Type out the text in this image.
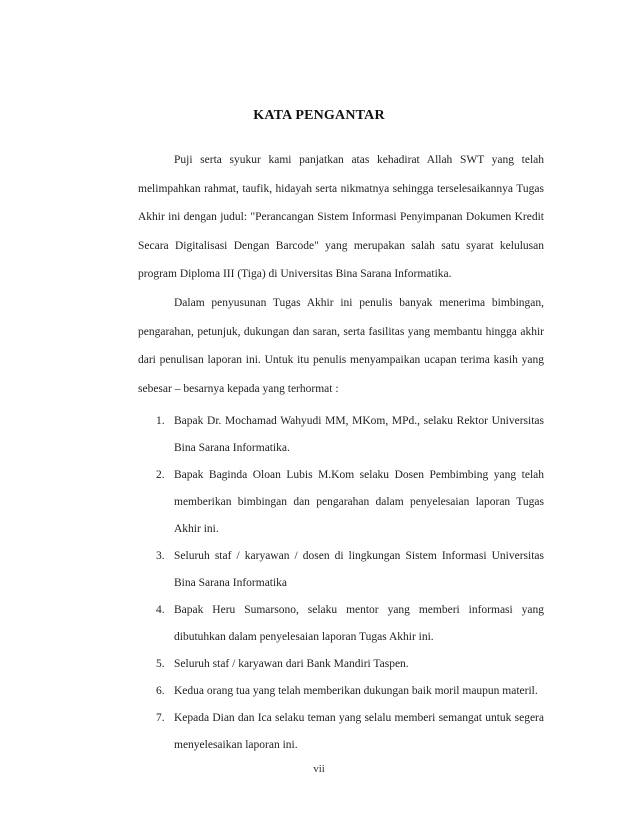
KATA PENGANTAR

Puji serta syukur kami panjatkan atas kehadirat Allah SWT yang telah melimpahkan rahmat, taufik, hidayah serta nikmatnya sehingga terselesaikannya Tugas Akhir ini dengan judul: "Perancangan Sistem Informasi Penyimpanan Dokumen Kredit Secara Digitalisasi Dengan Barcode" yang merupakan salah satu syarat kelulusan program Diploma III (Tiga) di Universitas Bina Sarana Informatika.

Dalam penyusunan Tugas Akhir ini penulis banyak menerima bimbingan, pengarahan, petunjuk, dukungan dan saran, serta fasilitas yang membantu hingga akhir dari penulisan laporan ini. Untuk itu penulis menyampaikan ucapan terima kasih yang sebesar – besarnya kepada yang terhormat :

1. Bapak Dr. Mochamad Wahyudi MM, MKom, MPd., selaku Rektor Universitas Bina Sarana Informatika.
2. Bapak Baginda Oloan Lubis M.Kom selaku Dosen Pembimbing yang telah memberikan bimbingan dan pengarahan dalam penyelesaian laporan Tugas Akhir ini.
3. Seluruh staf / karyawan / dosen di lingkungan Sistem Informasi Universitas Bina Sarana Informatika
4. Bapak Heru Sumarsono, selaku mentor yang memberi informasi yang dibutuhkan dalam penyelesaian laporan Tugas Akhir ini.
5. Seluruh staf / karyawan dari Bank Mandiri Taspen.
6. Kedua orang tua yang telah memberikan dukungan baik moril maupun materil.
7. Kepada Dian dan Ica selaku teman yang selalu memberi semangat untuk segera menyelesaikan laporan ini.
vii
